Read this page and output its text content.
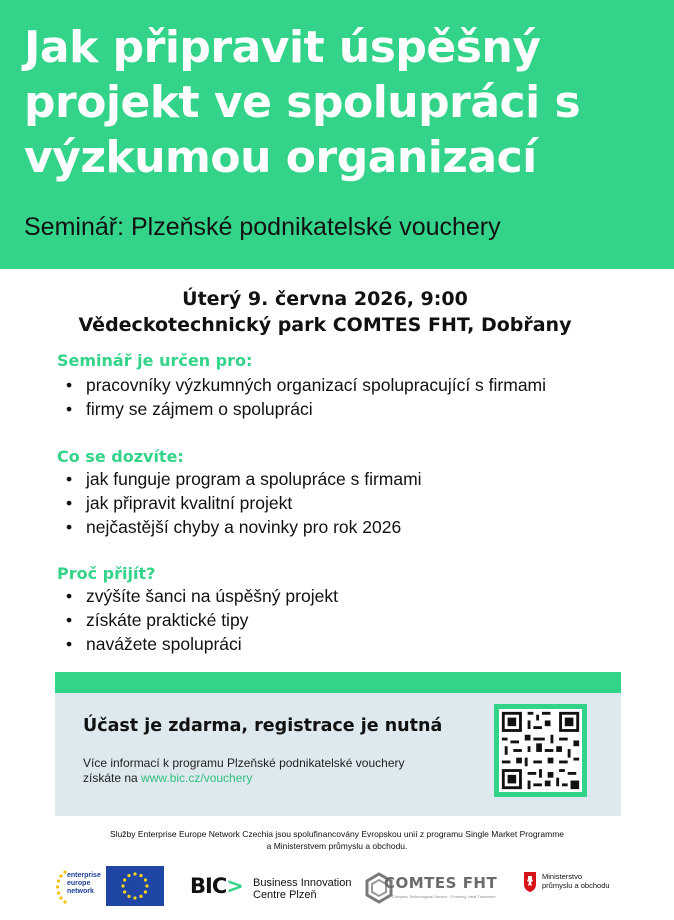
Jak připravit úspěšný projekt ve spolupráci s výzkumou organizací
Seminář: Plzeňské podnikatelské vouchery
Úterý 9. června 2026, 9:00
Vědeckotechnický park COMTES FHT, Dobřany
Seminář je určen pro:
• pracovníky výzkumných organizací spolupracující s firmami
• firmy se zájmem o spolupráci
Co se dozvíte:
• jak funguje program a spolupráce s firmami
• jak připravit kvalitní projekt
• nejčastější chyby a novinky pro rok 2026
Proč přijít?
• zvýšíte šanci na úspěšný projekt
• získáte praktické tipy
• navážete spolupráci
Účast je zdarma, registrace je nutná
Více informací k programu Plzeňské podnikatelské vouchery
získáte na www.bic.cz/vouchery
Služby Enterprise Europe Network Czechia jsou spolufinancovány Evropskou unií z programu Single Market Programme
a Ministerstvem průmyslu a obchodu.
enterprise
europe
network	BIC> Business Innovation
Centre Plzeň
COMTES FHT
Complex Technological Service · Forming, Heat Treatment
Ministerstvo
průmyslu a obchodu
